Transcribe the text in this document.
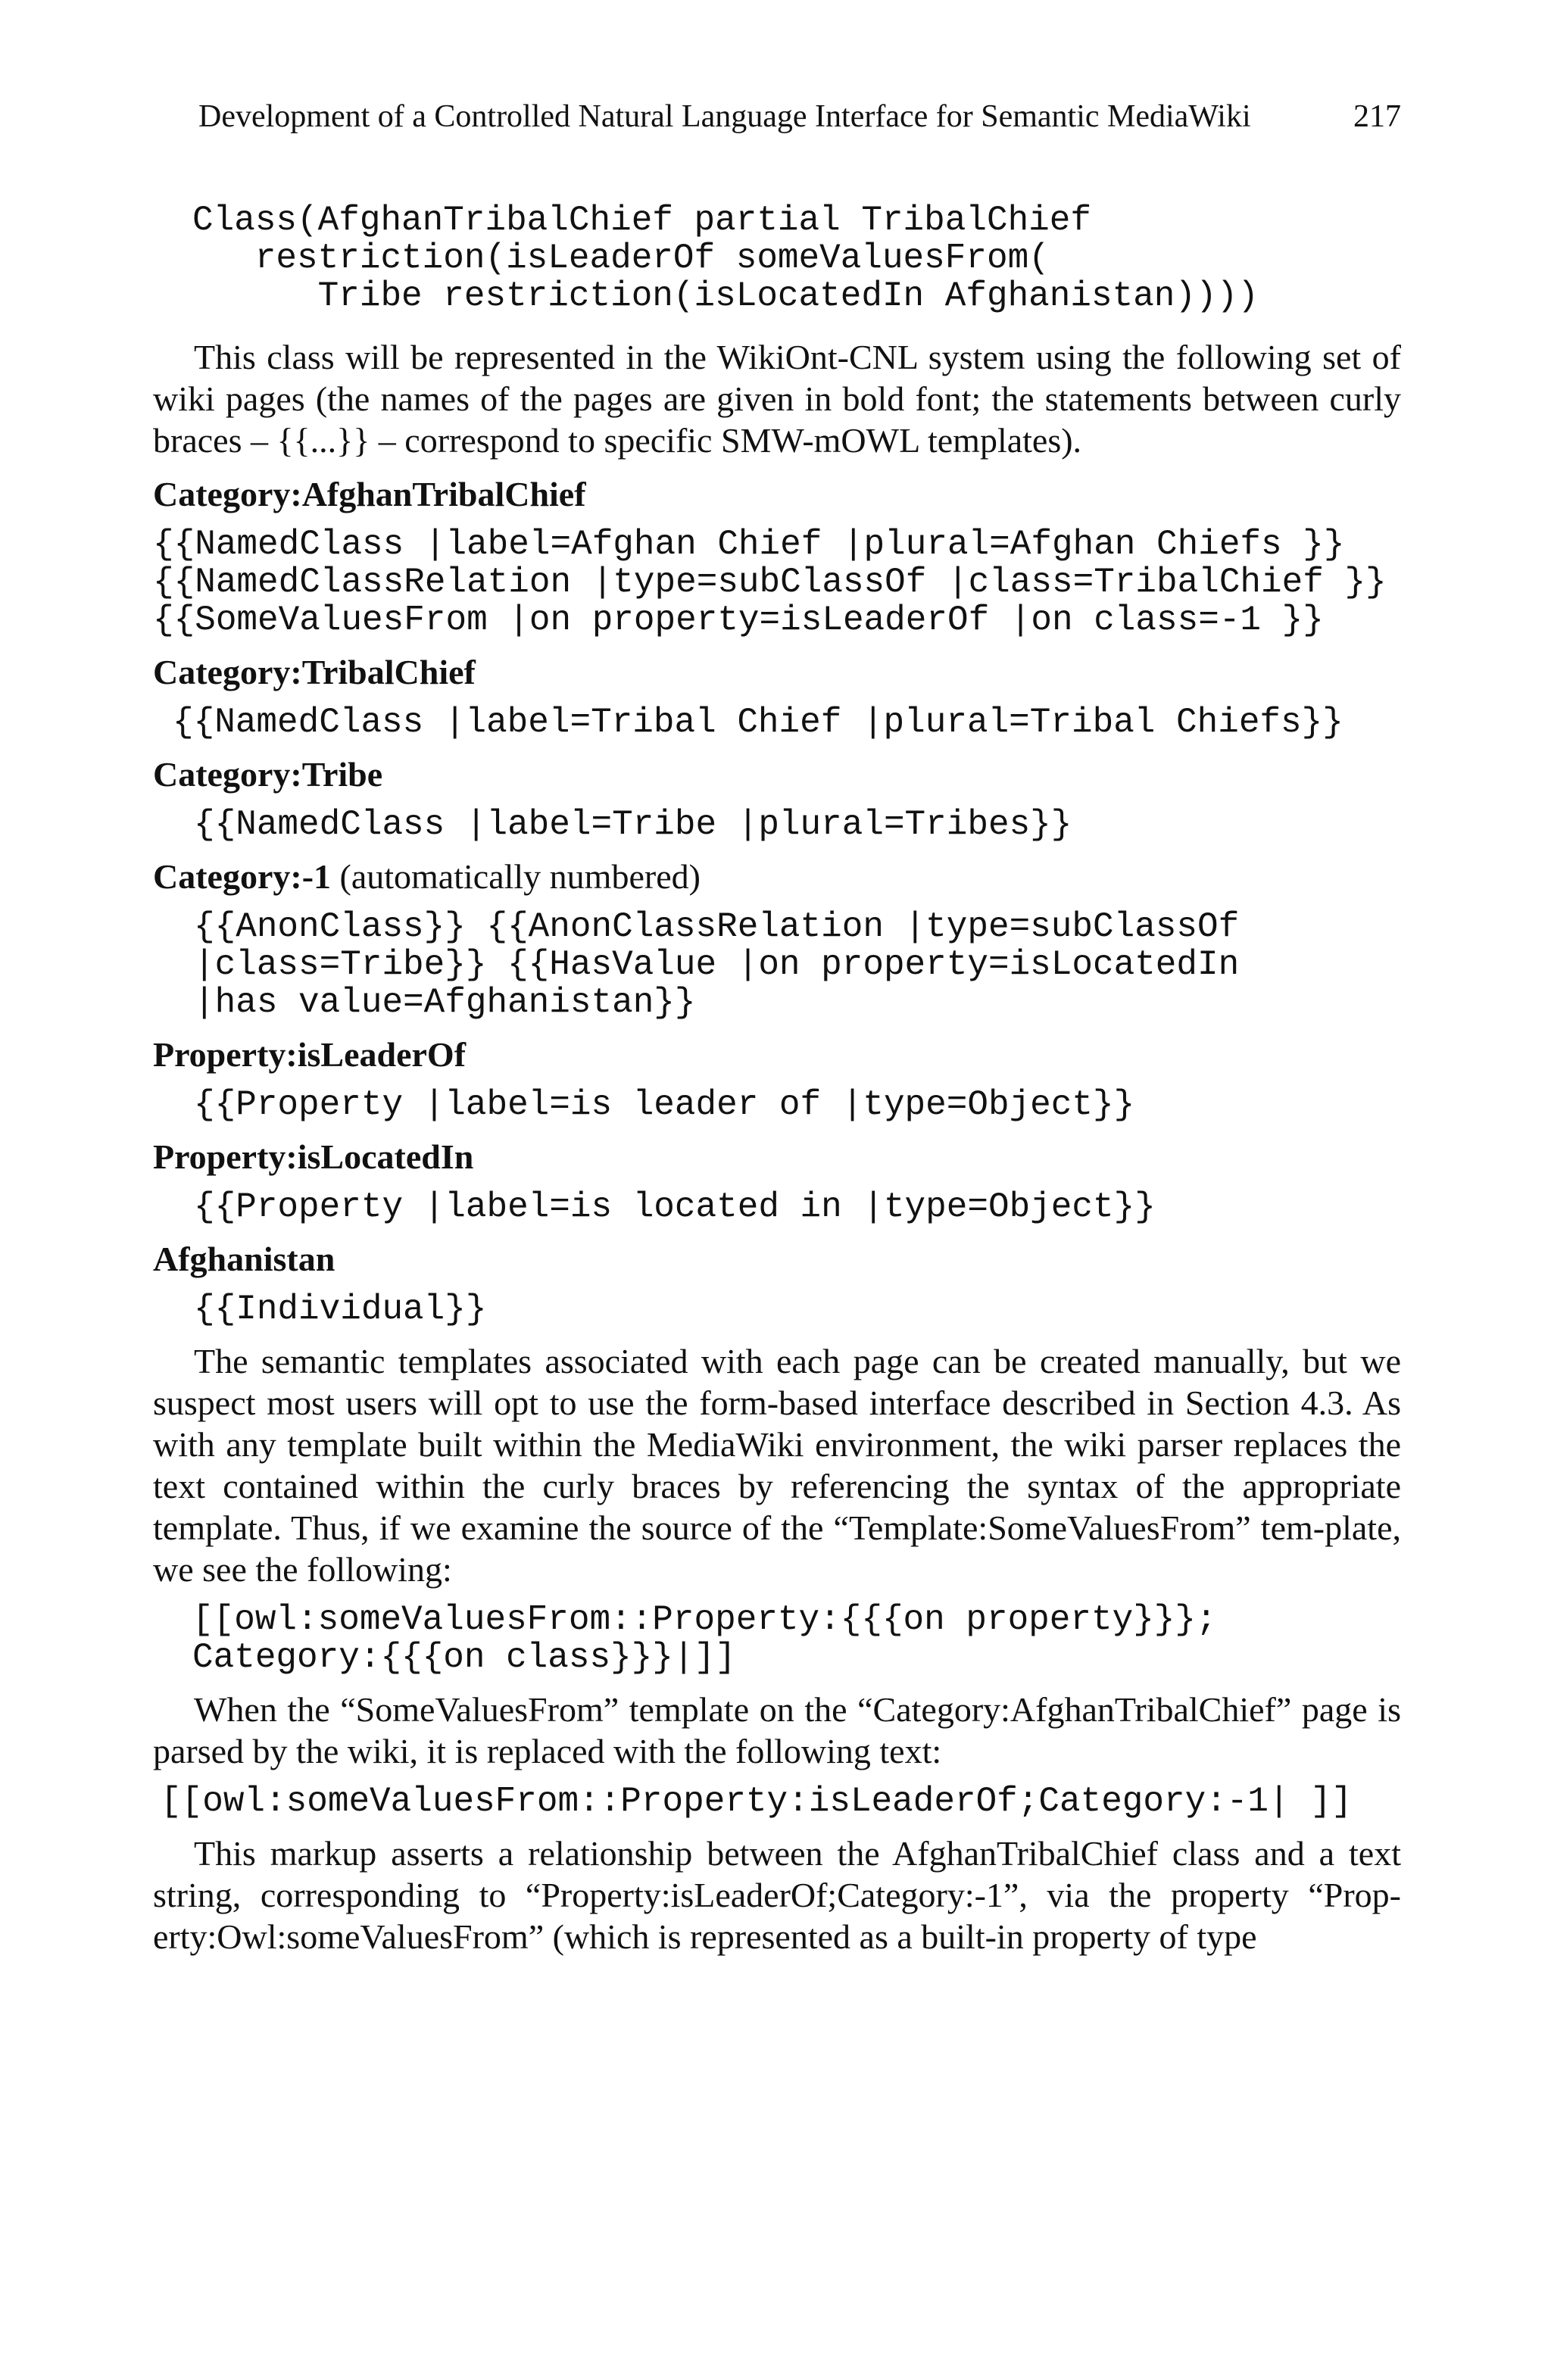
Development of a Controlled Natural Language Interface for Semantic MediaWiki	217
Class(AfghanTribalChief partial TribalChief
restriction(isLeaderOf someValuesFrom(
Tribe restriction(isLocatedIn Afghanistan))))

This class will be represented in the WikiOnt-CNL system using the following set of wiki pages (the names of the pages are given in bold font; the statements between curly braces – {{...}} – correspond to specific SMW-mOWL templates).

Category:AfghanTribalChief

{{NamedClass |label=Afghan Chief |plural=Afghan Chiefs }}
{{NamedClassRelation |type=subClassOf |class=TribalChief }}
{{SomeValuesFrom |on property=isLeaderOf |on class=-1 }}

Category:TribalChief

{{NamedClass |label=Tribal Chief |plural=Tribal Chiefs}}

Category:Tribe

{{NamedClass |label=Tribe |plural=Tribes}}

Category:-1 (automatically numbered)

{{AnonClass}} {{AnonClassRelation |type=subClassOf
|class=Tribe}} {{HasValue |on property=isLocatedIn
|has value=Afghanistan}}

Property:isLeaderOf

{{Property |label=is leader of |type=Object}}

Property:isLocatedIn

{{Property |label=is located in |type=Object}}

Afghanistan

{{Individual}}

The semantic templates associated with each page can be created manually, but we suspect most users will opt to use the form-based interface described in Section 4.3. As with any template built within the MediaWiki environment, the wiki parser replaces the text contained within the curly braces by referencing the syntax of the appropriate template. Thus, if we examine the source of the “Template:SomeValuesFrom” tem-plate, we see the following:

[[owl:someValuesFrom::Property:{{{on property}}};
Category:{{{on class}}}|]]

When the “SomeValuesFrom” template on the “Category:AfghanTribalChief” page is parsed by the wiki, it is replaced with the following text:

[[owl:someValuesFrom::Property:isLeaderOf;Category:-1| ]]

This markup asserts a relationship between the AfghanTribalChief class and a text string, corresponding to “Property:isLeaderOf;Category:-1”, via the property “Prop-erty:Owl:someValuesFrom” (which is represented as a built-in property of type
